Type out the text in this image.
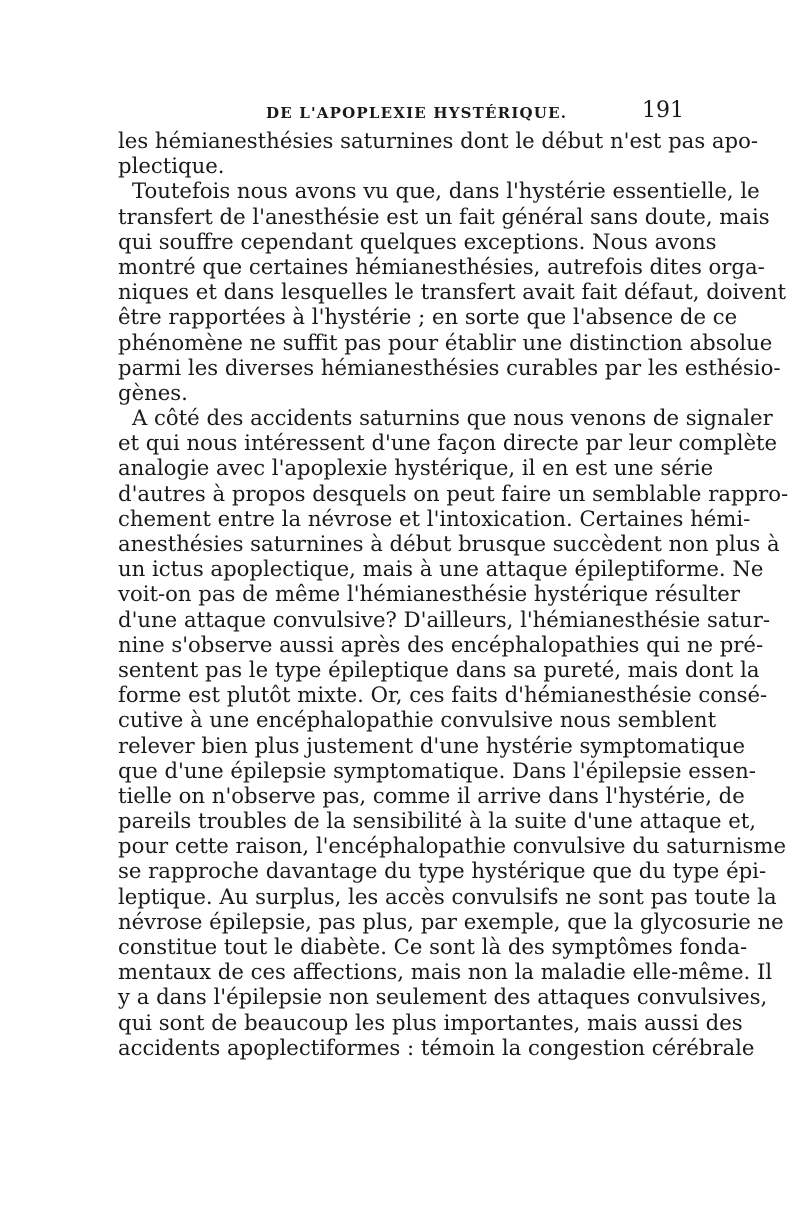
DE L'APOPLEXIE HYSTÉRIQUE.	191
les hémianesthésies saturnines dont le début n'est pas apo-
plectique.
Toutefois nous avons vu que, dans l'hystérie essentielle, le
transfert de l'anesthésie est un fait général sans doute, mais
qui souffre cependant quelques exceptions. Nous avons
montré que certaines hémianesthésies, autrefois dites orga-
niques et dans lesquelles le transfert avait fait défaut, doivent
être rapportées à l'hystérie ; en sorte que l'absence de ce
phénomène ne suffit pas pour établir une distinction absolue
parmi les diverses hémianesthésies curables par les esthésio-
gènes.
A côté des accidents saturnins que nous venons de signaler
et qui nous intéressent d'une façon directe par leur complète
analogie avec l'apoplexie hystérique, il en est une série
d'autres à propos desquels on peut faire un semblable rappro-
chement entre la névrose et l'intoxication. Certaines hémi-
anesthésies saturnines à début brusque succèdent non plus à
un ictus apoplectique, mais à une attaque épileptiforme. Ne
voit-on pas de même l'hémianesthésie hystérique résulter
d'une attaque convulsive? D'ailleurs, l'hémianesthésie satur-
nine s'observe aussi après des encéphalopathies qui ne pré-
sentent pas le type épileptique dans sa pureté, mais dont la
forme est plutôt mixte. Or, ces faits d'hémianesthésie consé-
cutive à une encéphalopathie convulsive nous semblent
relever bien plus justement d'une hystérie symptomatique
que d'une épilepsie symptomatique. Dans l'épilepsie essen-
tielle on n'observe pas, comme il arrive dans l'hystérie, de
pareils troubles de la sensibilité à la suite d'une attaque et,
pour cette raison, l'encéphalopathie convulsive du saturnisme
se rapproche davantage du type hystérique que du type épi-
leptique. Au surplus, les accès convulsifs ne sont pas toute la
névrose épilepsie, pas plus, par exemple, que la glycosurie ne
constitue tout le diabète. Ce sont là des symptômes fonda-
mentaux de ces affections, mais non la maladie elle-même. Il
y a dans l'épilepsie non seulement des attaques convulsives,
qui sont de beaucoup les plus importantes, mais aussi des
accidents apoplectiformes : témoin la congestion cérébrale
